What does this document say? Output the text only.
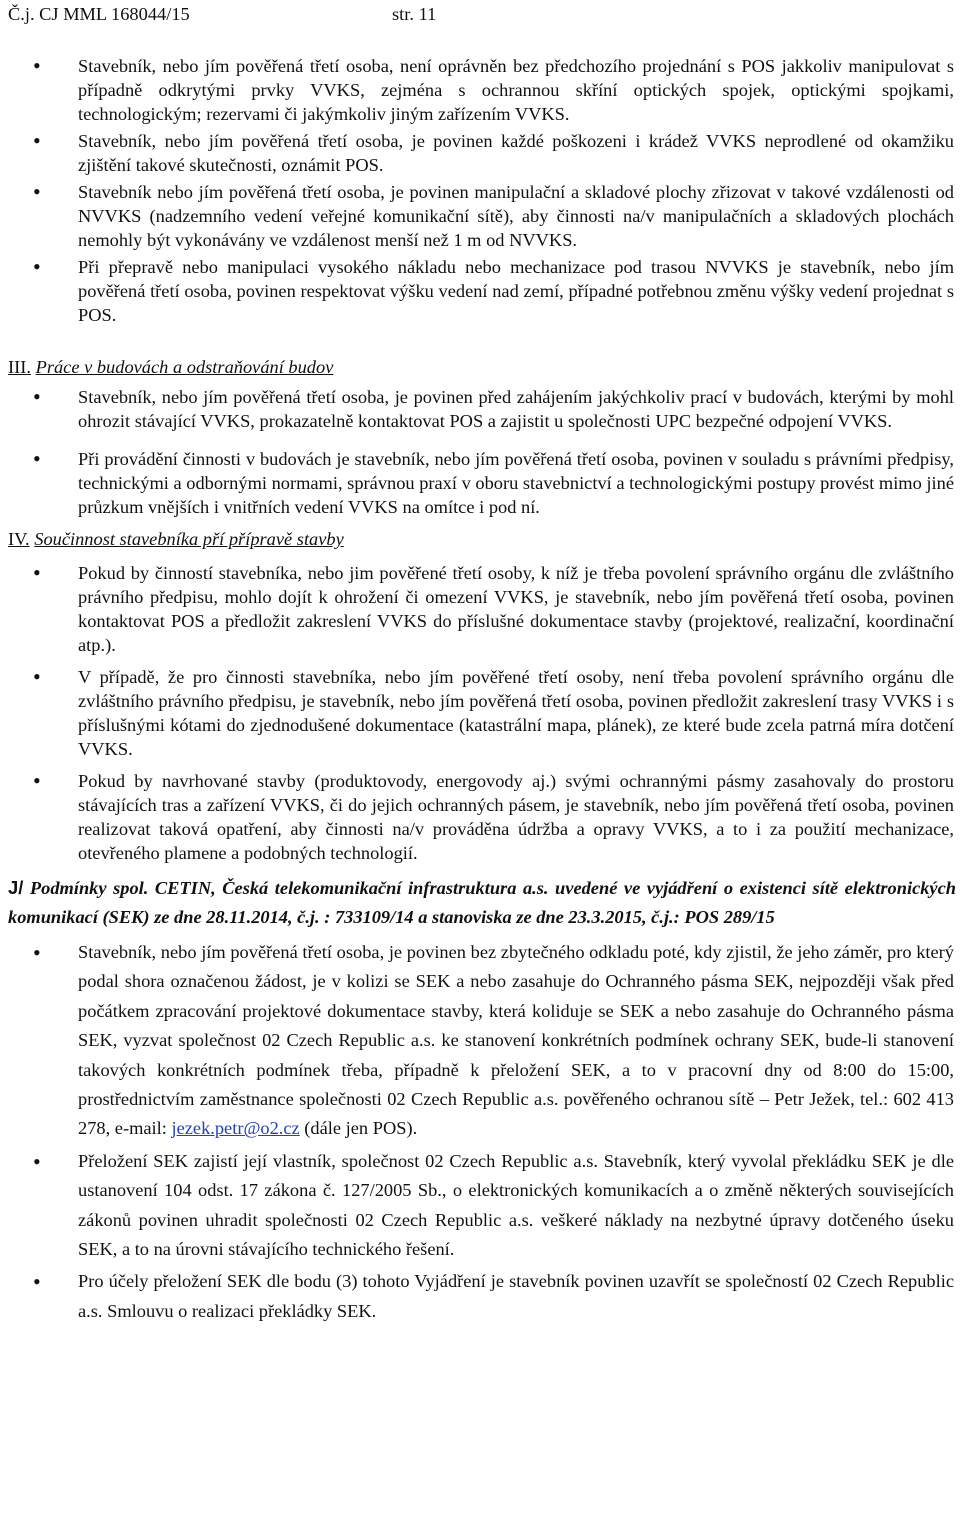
Č.j. CJ MML 168044/15	str. 11
• Stavebník, nebo jím pověřená třetí osoba, není oprávněn bez předchozího projednání s POS jakkoliv manipulovat s případně odkrytými prvky VVKS, zejména s ochrannou skříní optických spojek, optickými spojkami, technologickým; rezervami či jakýmkoliv jiným zařízením VVKS.
• Stavebník, nebo jím pověřená třetí osoba, je povinen každé poškozeni i krádež VVKS neprodlené od okamžiku zjištění takové skutečnosti, oznámit POS.
• Stavebník nebo jím pověřená třetí osoba, je povinen manipulační a skladové plochy zřizovat v takové vzdálenosti od NVVKS (nadzemního vedení veřejné komunikační sítě), aby činnosti na/v manipulačních a skladových plochách nemohly být vykonávány ve vzdálenost menší než 1 m od NVVKS.
• Při přepravě nebo manipulaci vysokého nákladu nebo mechanizace pod trasou NVVKS je stavebník, nebo jím pověřená třetí osoba, povinen respektovat výšku vedení nad zemí, případné potřebnou změnu výšky vedení projednat s POS.
III. Práce v budovách a odstraňování budov
• Stavebník, nebo jím pověřená třetí osoba, je povinen před zahájením jakýchkoliv prací v budovách, kterými by mohl ohrozit stávající VVKS, prokazatelně kontaktovat POS a zajistit u společnosti UPC bezpečné odpojení VVKS.
• Při provádění činnosti v budovách je stavebník, nebo jím pověřená třetí osoba, povinen v souladu s právními předpisy, technickými a odbornými normami, správnou praxí v oboru stavebnictví a technologickými postupy provést mimo jiné průzkum vnějších i vnitřních vedení VVKS na omítce i pod ní.
IV. Součinnost stavebníka pří přípravě stavby
• Pokud by činností stavebníka, nebo jim pověřené třetí osoby, k níž je třeba povolení správního orgánu dle zvláštního právního předpisu, mohlo dojít k ohrožení či omezení VVKS, je stavebník, nebo jím pověřená třetí osoba, povinen kontaktovat POS a předložit zakreslení VVKS do příslušné dokumentace stavby (projektové, realizační, koordinační atp.).
• V případě, že pro činnosti stavebníka, nebo jím pověřené třetí osoby, není třeba povolení správního orgánu dle zvláštního právního předpisu, je stavebník, nebo jím pověřená třetí osoba, povinen předložit zakreslení trasy VVKS i s příslušnými kótami do zjednodušené dokumentace (katastrální mapa, plánek), ze které bude zcela patrná míra dotčení VVKS.
• Pokud by navrhované stavby (produktovody, energovody aj.) svými ochrannými pásmy zasahovaly do prostoru stávajících tras a zařízení VVKS, či do jejich ochranných pásem, je stavebník, nebo jím pověřená třetí osoba, povinen realizovat taková opatření, aby činnosti na/v prováděna údržba a opravy VVKS, a to i za použití mechanizace, otevřeného plamene a podobných technologií.
J/ Podmínky spol. CETIN, Česká telekomunikační infrastruktura a.s. uvedené ve vyjádření o existenci sítě elektronických komunikací (SEK) ze dne 28.11.2014, č.j. : 733109/14 a stanoviska ze dne 23.3.2015, č.j.: POS 289/15
• Stavebník, nebo jím pověřená třetí osoba, je povinen bez zbytečného odkladu poté, kdy zjistil, že jeho záměr, pro který podal shora označenou žádost, je v kolizi se SEK a nebo zasahuje do Ochranného pásma SEK, nejpozději však před počátkem zpracování projektové dokumentace stavby, která koliduje se SEK a nebo zasahuje do Ochranného pásma SEK, vyzvat společnost 02 Czech Republic a.s. ke stanovení konkrétních podmínek ochrany SEK, bude-li stanovení takových konkrétních podmínek třeba, případně k přeložení SEK, a to v pracovní dny od 8:00 do 15:00, prostřednictvím zaměstnance společnosti 02 Czech Republic a.s. pověřeného ochranou sítě – Petr Ježek, tel.: 602 413 278, e-mail: jezek.petr@o2.cz (dále jen POS).
• Přeložení SEK zajistí její vlastník, společnost 02 Czech Republic a.s. Stavebník, který vyvolal překládku SEK je dle ustanovení 104 odst. 17 zákona č. 127/2005 Sb., o elektronických komunikacích a o změně některých souvisejících zákonů povinen uhradit společnosti 02 Czech Republic a.s. veškeré náklady na nezbytné úpravy dotčeného úseku SEK, a to na úrovni stávajícího technického řešení.
• Pro účely přeložení SEK dle bodu (3) tohoto Vyjádření je stavebník povinen uzavřít se společností 02 Czech Republic a.s. Smlouvu o realizaci překládky SEK.
